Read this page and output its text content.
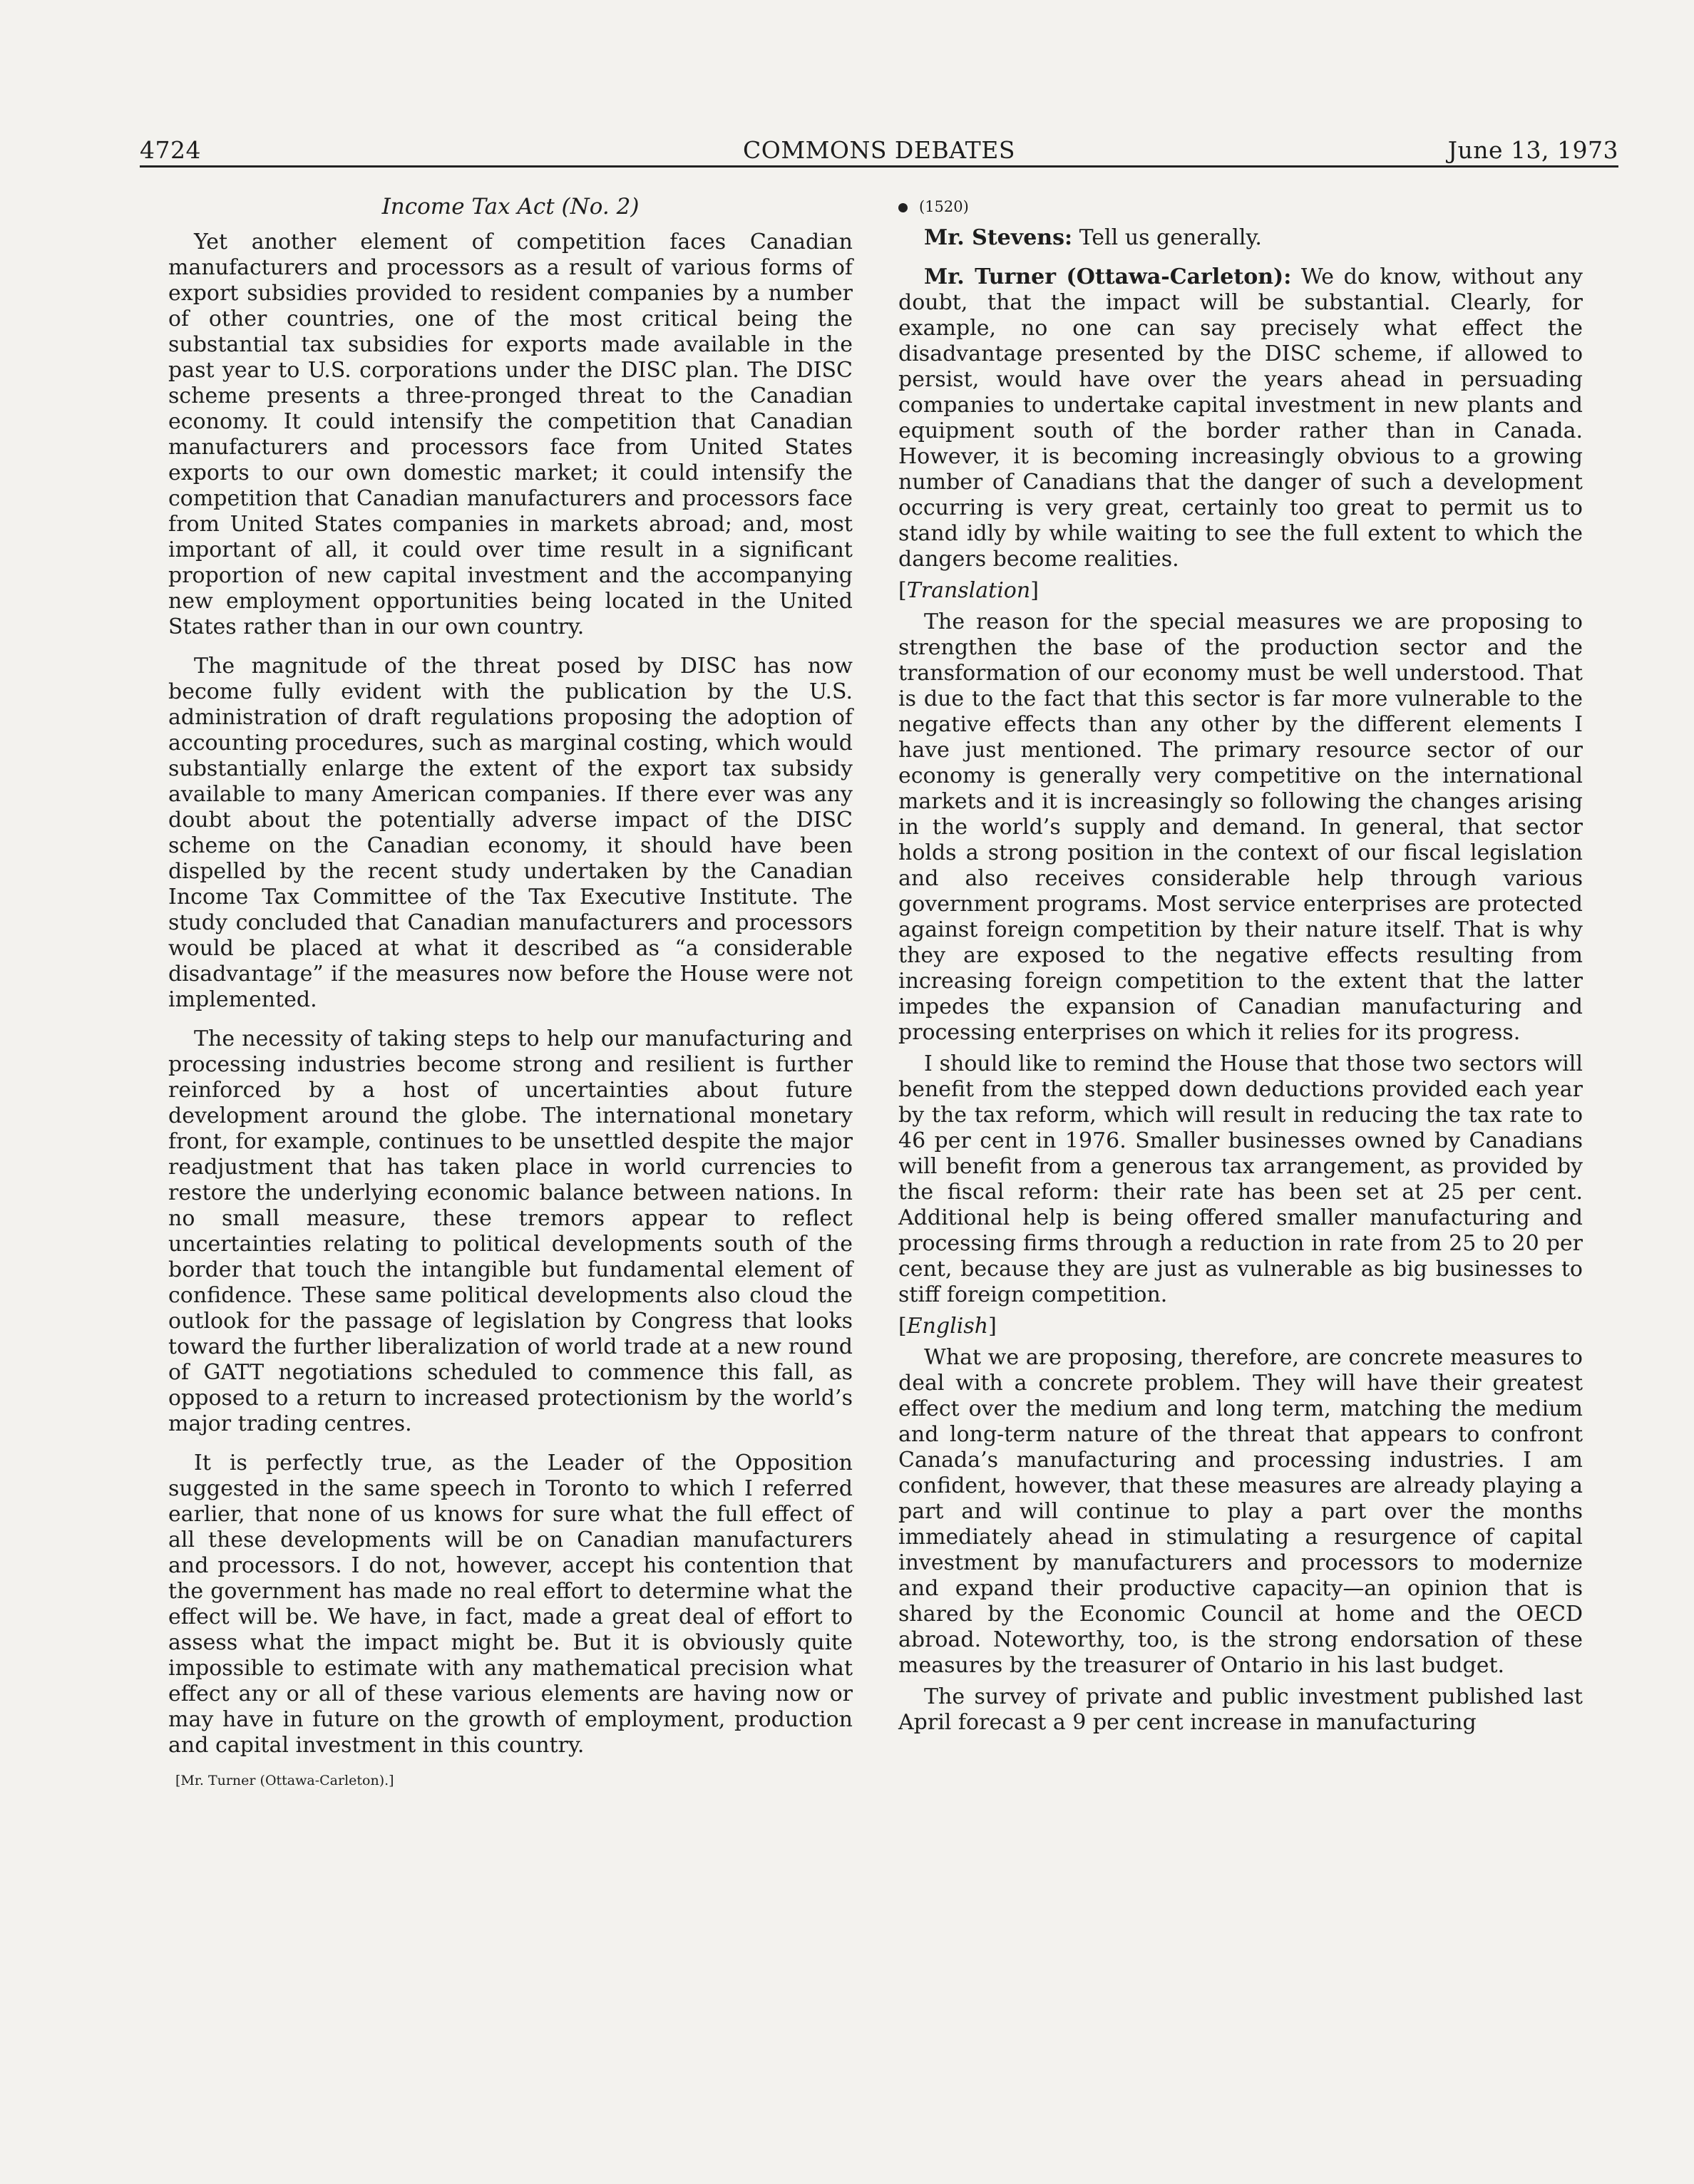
4724	COMMONS DEBATES	June 13, 1973
Income Tax Act (No. 2)

Yet another element of competition faces Canadian manufacturers and processors as a result of various forms of export subsidies provided to resident companies by a number of other countries, one of the most critical being the substantial tax subsidies for exports made available in the past year to U.S. corporations under the DISC plan. The DISC scheme presents a three-pronged threat to the Canadian economy. It could intensify the competition that Canadian manufacturers and processors face from United States exports to our own domestic market; it could intensify the competition that Canadian manufacturers and processors face from United States companies in markets abroad; and, most important of all, it could over time result in a significant proportion of new capital investment and the accompanying new employment opportunities being located in the United States rather than in our own country.

The magnitude of the threat posed by DISC has now become fully evident with the publication by the U.S. administration of draft regulations proposing the adoption of accounting procedures, such as marginal costing, which would substantially enlarge the extent of the export tax subsidy available to many American companies. If there ever was any doubt about the potentially adverse impact of the DISC scheme on the Canadian economy, it should have been dispelled by the recent study undertaken by the Canadian Income Tax Committee of the Tax Executive Institute. The study concluded that Canadian manufacturers and processors would be placed at what it described as “a considerable disadvantage” if the measures now before the House were not implemented.

The necessity of taking steps to help our manufacturing and processing industries become strong and resilient is further reinforced by a host of uncertainties about future development around the globe. The international monetary front, for example, continues to be unsettled despite the major readjustment that has taken place in world currencies to restore the underlying economic balance between nations. In no small measure, these tremors appear to reflect uncertainties relating to political developments south of the border that touch the intangible but fundamental element of confidence. These same political developments also cloud the outlook for the passage of legislation by Congress that looks toward the further liberalization of world trade at a new round of GATT negotiations scheduled to commence this fall, as opposed to a return to increased protectionism by the world’s major trading centres.

It is perfectly true, as the Leader of the Opposition suggested in the same speech in Toronto to which I referred earlier, that none of us knows for sure what the full effect of all these developments will be on Canadian manufacturers and processors. I do not, however, accept his contention that the government has made no real effort to determine what the effect will be. We have, in fact, made a great deal of effort to assess what the impact might be. But it is obviously quite impossible to estimate with any mathematical precision what effect any or all of these various elements are having now or may have in future on the growth of employment, production and capital investment in this country.

[Mr. Turner (Ottawa-Carleton).]
(1520)

Mr. Stevens: Tell us generally.

Mr. Turner (Ottawa-Carleton): We do know, without any doubt, that the impact will be substantial. Clearly, for example, no one can say precisely what effect the disadvantage presented by the DISC scheme, if allowed to persist, would have over the years ahead in persuading companies to undertake capital investment in new plants and equipment south of the border rather than in Canada. However, it is becoming increasingly obvious to a growing number of Canadians that the danger of such a development occurring is very great, certainly too great to permit us to stand idly by while waiting to see the full extent to which the dangers become realities.

[Translation]

The reason for the special measures we are proposing to strengthen the base of the production sector and the transformation of our economy must be well understood. That is due to the fact that this sector is far more vulnerable to the negative effects than any other by the different elements I have just mentioned. The primary resource sector of our economy is generally very competitive on the international markets and it is increasingly so following the changes arising in the world’s supply and demand. In general, that sector holds a strong position in the context of our fiscal legislation and also receives considerable help through various government programs. Most service enterprises are protected against foreign competition by their nature itself. That is why they are exposed to the negative effects resulting from increasing foreign competition to the extent that the latter impedes the expansion of Canadian manufacturing and processing enterprises on which it relies for its progress.

I should like to remind the House that those two sectors will benefit from the stepped down deductions provided each year by the tax reform, which will result in reducing the tax rate to 46 per cent in 1976. Smaller businesses owned by Canadians will benefit from a generous tax arrangement, as provided by the fiscal reform: their rate has been set at 25 per cent. Additional help is being offered smaller manufacturing and processing firms through a reduction in rate from 25 to 20 per cent, because they are just as vulnerable as big businesses to stiff foreign competition.

[English]

What we are proposing, therefore, are concrete measures to deal with a concrete problem. They will have their greatest effect over the medium and long term, matching the medium and long-term nature of the threat that appears to confront Canada’s manufacturing and processing industries. I am confident, however, that these measures are already playing a part and will continue to play a part over the months immediately ahead in stimulating a resurgence of capital investment by manufacturers and processors to modernize and expand their productive capacity—an opinion that is shared by the Economic Council at home and the OECD abroad. Noteworthy, too, is the strong endorsation of these measures by the treasurer of Ontario in his last budget.

The survey of private and public investment published last April forecast a 9 per cent increase in manufacturing
